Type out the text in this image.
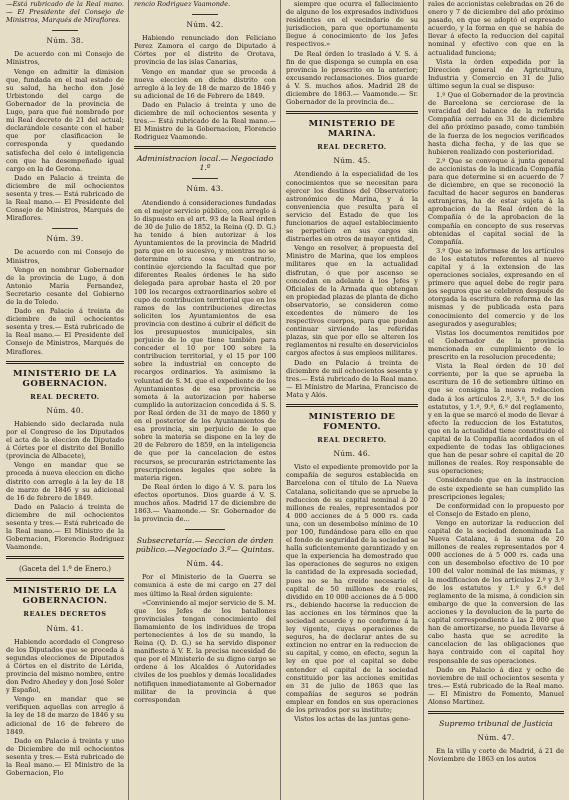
—Está rubricado de la Real mano.— El Presidente del Consejo de Ministros, Marqués de Miraflores.

Núm. 38.

De acuerdo con mi Consejo de Ministros,

Vengo en admitir la dimision que, fundada en el mal estado de su salud, ha hecho don José Urbistondo del cargo de Gobernador de la provincia de Lugo, para que fué nombrado por mi Real decreto de 21 del actual; declarándole cesante con el haber que por clasificacion le corresponda y quedando satisfecha del celo é inteligencia con que ha desempeñado igual cargo en la de Gerona.

Dado en Palacio á treinta de diciembre de mil ochocientos sesenta y tres.— Está rubricado de la Real mano.— El Presidente del Consejo de Ministros, Marqués de Miraflores.

Núm. 39.

De acuerdo con mi Consejo de Ministros,

Vengo en nombrar Gobernador de la provincia de Lugo, á don Antonio María Fernandez, Secretario cesante del Gobierno de la de Toledo.

Dado en Palacio á treinta de diciembre de mil ochocientos sesenta y tres.— Está rubricado de la Real mano.— El Presidente del Consejo de Ministros, Marqués de Miraflores.

MINISTERIO DE LA GOBERNACION.
REAL DECRETO.
Núm. 40.

Habiendo sido declarada nula por el Congreso de los Diputados el acta de la eleccion de Diputado á Córtes por el distrito del Bonillo (provincia de Albacete),

Vengo en mandar que se proceda á nueva eleccion en dicho distrito con arreglo á la ley de 18 de marzo de 1846 y su adicional de 16 de febrero de 1849.

Dado en Palacio á treinta de diciembre de mil ochocientos sesenta y tres.— Está rubricado de la Real mano.— El Ministro de la Gobernacion, Florencio Rodriguez Vaamonde.

(Gaceta del 1.º de Enero.)
MINISTERIO DE LA GOBERNACION.
REALES DECRETOS
Núm. 41.

Habiendo acordado el Congreso de los Diputados que se proceda á segundas elecciones de Diputados á Córtes en el distrito de Lérida, provincia del mismo nombre, entre don Pedro Ahedey y don José Soler y Español,

Vengo en mandar que se verifiquen aquellas con arreglo á la ley de 18 de marzo de 1846 y su adicional de 16 de febrero de 1849.

Dado en Palacio á treinta y uno de Diciembre de mil ochocientos sesenta y tres.— Está rubricado de la Real mano.— El Ministro de la Gobernacion, Flo

rencio Rodriguez Vaamonde.

Núm. 42.

Habiendo renunciado don Feliciano Perez Zamora el cargo de Diputado á Córtes por el distrito de Orotava, provincia de las islas Canarias,

Vengo en mandar que se proceda á nueva eleccion en dicho distrito con arreglo á la ley de 18 de marzo de 1846 y su adicional de 16 de Febrero de 1849.

Dado en Palacio á treinta y uno de diciembre de mil ochocientos sesenta y tres.— Está rubricado de la Real mano.— El Ministro de la Gobernacion, Florencio Rodriguez Vaamonde.

Administracion local.— Negociado 1.º
Núm. 43.

Atendiendo á consideraciones fundadas en el mejor servicio público, con arreglo á lo dispuesto en el art. 93 de la Real órden de 30 de Julio de 1852, la Reina (Q. D. G.) ha tenido á bien autorizar á los Ayuntamientos de la provincia de Madrid para que en lo sucesivo, y mientras no se determine otra cosa en contrario, continúe ejerciendo la facultad que por diferentes Reales órdenes le ha sido delegada para aprobar hasta el 20 por 100 los recargos extraordinarios sobre el cupo de contribucion territorial que en los ramos de las contribuciones directas soliciten los Ayuntamientos de esa provincia con destino á cubrir el déficit de los presupuestos municipales, sin perjuicio de lo que tiene también para conceder el 10 por 100 sobre la contribucion territorial, y el 15 por 100 sobre la industrial en concepto de recargos ordinarios. Ya asimismo la voluntad de S. M. que el expediente de los Ayuntamientos de esa provincia se someta á la autorizacion por haberse cumplido la autorizacion concedida á S. S. por Real órden de 31 de mayo de 1860 y en el posterior de los Ayuntamientos de esa provincia, sin perjuicio de lo que sobre la materia se dispone en la ley de 20 de Febrero de 1859, en la inteligencia de que por la cancelacion de estos recursos, se procurarán estrictamente las prescripciones legales que sobre la materia rigen.

De Real órden lo digo á V. S. para los efectos oportunos. Dios guarde á V. S. muchos años. Madrid 17 de diciembre de 1863.— Vaamonde.— Sr. Gobernador de la provincia de...

Subsecretaría.— Seccion de órden público.—Negociado 3.º— Quintas.
Núm. 44.

Por el Ministerio de la Guerra se comunica á este de mi cargo en 27 del mes último la Real órden siguiente:

«Conviniendo al mejor servicio de S. M. que los Jefes de los batallones provinciales tengan conocimiento del llamamiento de los individuos de tropa pertenecientes á los de su mando, la Reina (Q. D. G.) se ha servido disponer manifieste á V. E. la precisa necesidad de que por el Ministerio de su digno cargo se ordene á los Alcaldes ó Autoridades civiles de los pueblos y demás localidades notifiquen inmediatamente al Gobernador militar de la provincia á que correspondan

siempre que ocurra el fallecimiento de alguno de los expresados individuos residentes en el vecindario de su jurisdiccion, para que oportunamente llegue á conocimiento de los Jefes respectivos.»

De Real órden lo traslado á V. S. á fin de que disponga se cumpla en esa provincia lo prescrito en la anterior; excusando reclamaciones. Dios guarde á V. S. muchos años. Madrid 28 de diciembre de 1863.— Vaamonde.— Sr. Gobernador de la provincia de...

MINISTERIO DE MARINA.
REAL DECRETO.
Núm. 45.

Atendiendo á la especialidad de los conocimientos que se necesitan para ejercer los destinos del Observatorio astronómico de Marina, y á la conveniencia que resulta para el servicio del Estado de que los funcionarios de aquel establecimiento se perpetúen en sus cargos sin distraerles en otros de mayor entidad,

Vengo en resolver, á propuesta del Ministro de Marina, que los empleos militares que en la actualidad disfrutan, ó que por ascenso se concedan en adelante á los Jefes y Oficiales de la Armada que obtengan en propiedad plazas de planta de dicho observatorio, se consideren como excedentes de número de los respectivos cuerpos, para que puedan continuar sirviendo las referidas plazas, sin que por ello se alteren los reglamentos ni resulte en deserviciolos cargos afectos á sus empleos militares.

Dado en Palacio á treinta de diciembre de mil ochocientos sesenta y tres.— Está rubricado de la Real mano.— El Ministro de Marina, Francisco de Mata y Alós.

MINISTERIO DE FOMENTO.
REAL DECRETO.
Núm. 46.

Visto el expediente promovido por la compañía de seguros establecida en Barcelona con el título de La Nueva Catalana, solicitando que se apruebe la reduccion de su capital nominal á 20 millones de reales, representados por 4 000 acciones de á 5 000 rs. cada una, con un desembolso mínimo de 10 por 100, fundándose para ello en que el fondo de seguridad de la sociedad se halla suficientemente garantizado y en que la experiencia ha demostrado que las operaciones de seguros no exigen la cantidad de la expresada sociedad, pues no se ha creido necesario el capital de 50 millones de reales, dividido en 10 000 acciones de á 5 000 rs., debiendo hacerse la reduccion de las acciones en los términos que la sociedad acuerde y no conforme á la ley vigente, cuyas operaciones de seguros, ha de declarar antes de su extincion no entrar en la reduccion de su capital, y como, en efecto, segun la ley en que por el capital se debe entender el capital de la sociedad constituido por las acciones emitidas en 31 de julio de 1863 que las compañías de seguros se podrán emplear en fondos en sus operaciones de los privados por su instituto;

Vistos los actas de las juntas gene-

rales de accionistas celebradas en 26 de enero y 7 de diciembre del año próximo pasado, en que se adoptó el expresado acuerdo, y la forma en que se había de llevar á efecto la reduccion del capital nominal y efectivo con que en la actualidad funciona;

Vista la órden expedida por la Direccion general de Agricultura, Industria y Comercio en 31 de Julio último segun la cual se dispuso:

1.º Que el Gobernador de la provincia de Barcelona se cerciorase de la veracidad del balance de la referida Compañía cerrado en 31 de diciembre del año próximo pasado, como también de la fuerza de los negocios verificados hasta dicha fecha, y de las que se hubieren realizado con posterioridad.

2.º Que se convoque á junta general de accionistas de la indicada Compañía para que determine si en acuerdo de 7 de diciembre, en que se reconoció la facultad de hacer seguros en banderas extranjeras, ha de estar sujeta á la aprobacion de la Real órden de la Compañía ó de la aprobacion de la compañía en concepto de sus reservas obtenidas el capital social de la Compañía.

3.º Que se informase de los artículos de los estatutos referentes al nuevo capital y á la extension de las operaciones sociales, expresando en el primero que aquel debe de regir para los seguros que se celebren después de otorgada la escritura de reforma de las mismas y de publicada esta para conocimiento del comercio y de los asegurados y asegurables;

Vistas los documentos remitidos por el Gobernador de la provincia mencionada en cumplimiento de lo prescrito en la resolucion precedente;

Vista la Real órden de 10 del corriente, por la que se aprueba la escritura de 16 de setiembre último en que se consigna la nueva redaccion dada á los artículos 2.º, 3.º, 5.º de los estatutos, y 1.º, 9.º, 6.º del reglamento, y en la que se marcó el modo de llevar á efecto la reduccion de los Estatutos, que en la actualidad tiene constituido el capital de la Compañía acordados en el expediente de todas las obligaciones que han de pesar sobre el capital de 20 millones de reales. Roy responsable de sus operaciones;

Considerando que en la instruccion de este expediente se han cumplido las prescripciones legales;

De conformidad con lo propuesto por el Consejo de Estado en pleno,

Vengo en autorizar la reduccion del capital de la sociedad denominada La Nueva Catalana, á la suma de 20 millones de reales representados por 4 000 acciones de á 5 000 rs. cada una con un desembolso efectivo de 10 por 100 del valor nominal de las mismas, y la modificacion de los artículos 2.º y 3.º de los estatutos y 1.º y 6.º del reglamento de la misma, á condicion sin embargo de que la conversion de las acciones y la devolucion de la parte de capital correspondiente á las 2 000 que han de amortizarse, no pueda llevarse á cabo hasta que se acredite la cancelacion de las obligaciones que haya contraido con el capital hoy responsable de sus operaciones.

Dado en Palacio á diez y ocho de noviembre de mil ochocientos sesenta y tres.— Está rubricado de la Real mano.— El Ministro de Fomento, Manuel Alonso Martinez.

Supremo tribunal de Justicia
Núm. 47.

En la villa y corte de Madrid, á 21 de Noviembre de 1863 en los autos
